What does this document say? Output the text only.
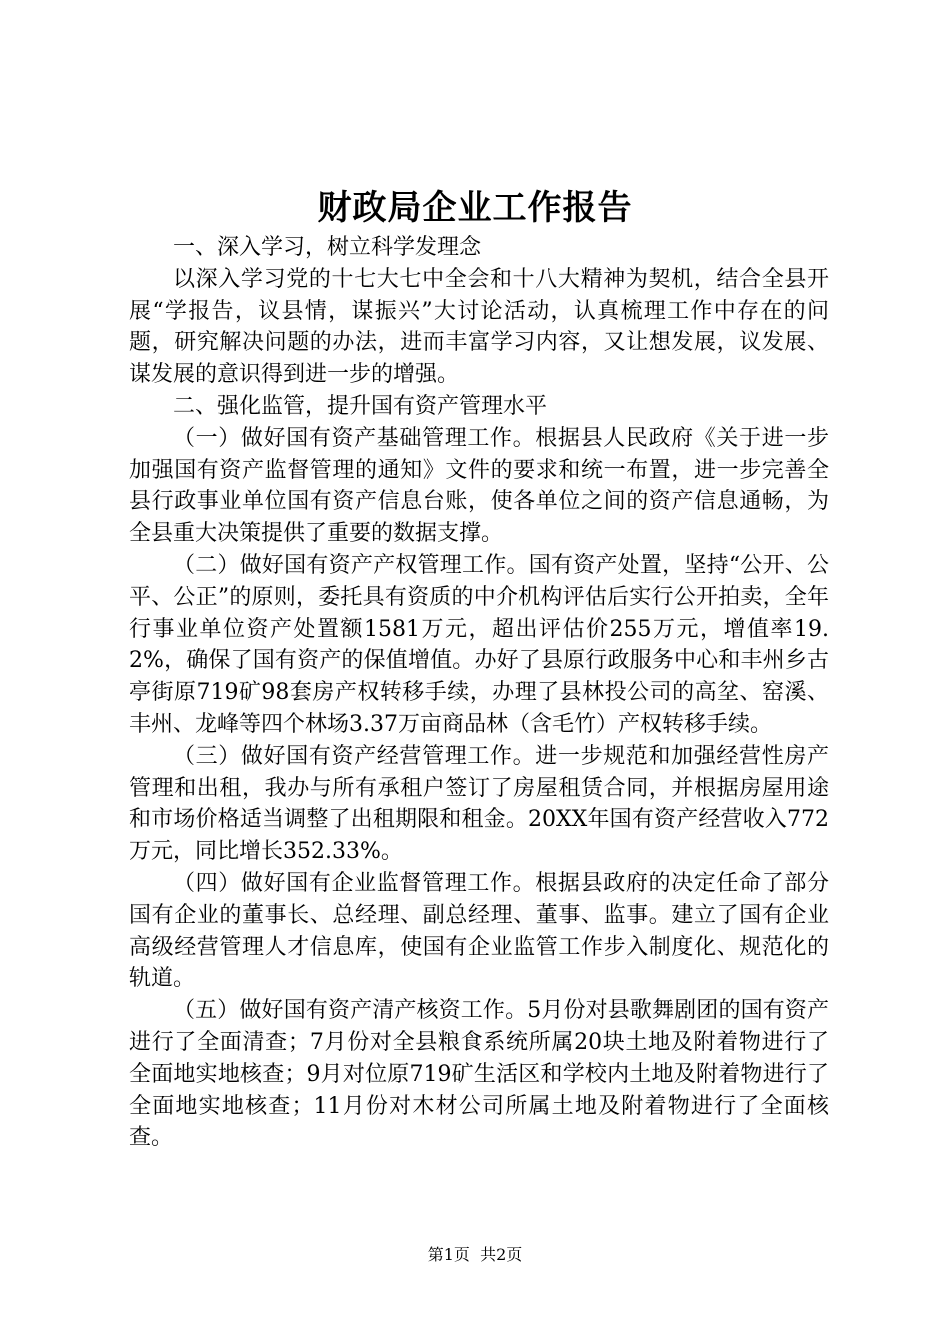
财政局企业工作报告

一、深入学习，树立科学发理念

以深入学习党的十七大七中全会和十八大精神为契机，结合全县开展“学报告，议县情，谋振兴”大讨论活动，认真梳理工作中存在的问题，研究解决问题的办法，进而丰富学习内容，又让想发展，议发展、谋发展的意识得到进一步的增强。

二、强化监管，提升国有资产管理水平

（一）做好国有资产基础管理工作。根据县人民政府《关于进一步加强国有资产监督管理的通知》文件的要求和统一布置，进一步完善全县行政事业单位国有资产信息台账，使各单位之间的资产信息通畅，为全县重大决策提供了重要的数据支撑。

（二）做好国有资产产权管理工作。国有资产处置，坚持“公开、公平、公正”的原则，委托具有资质的中介机构评估后实行公开拍卖，全年行事业单位资产处置额1581万元，超出评估价255万元，增值率19.2%，确保了国有资产的保值增值。办好了县原行政服务中心和丰州乡古亭街原719矿98套房产权转移手续，办理了县林投公司的高坌、窑溪、丰州、龙峰等四个林场3.37万亩商品林（含毛竹）产权转移手续。

（三）做好国有资产经营管理工作。进一步规范和加强经营性房产管理和出租，我办与所有承租户签订了房屋租赁合同，并根据房屋用途和市场价格适当调整了出租期限和租金。20XX年国有资产经营收入772万元，同比增长352.33%。

（四）做好国有企业监督管理工作。根据县政府的决定任命了部分国有企业的董事长、总经理、副总经理、董事、监事。建立了国有企业高级经营管理人才信息库，使国有企业监管工作步入制度化、规范化的轨道。

（五）做好国有资产清产核资工作。5月份对县歌舞剧团的国有资产进行了全面清查；7月份对全县粮食系统所属20块土地及附着物进行了全面地实地核查；9月对位原719矿生活区和学校内土地及附着物进行了全面地实地核查；11月份对木材公司所属土地及附着物进行了全面核查。

第1页 共2页
